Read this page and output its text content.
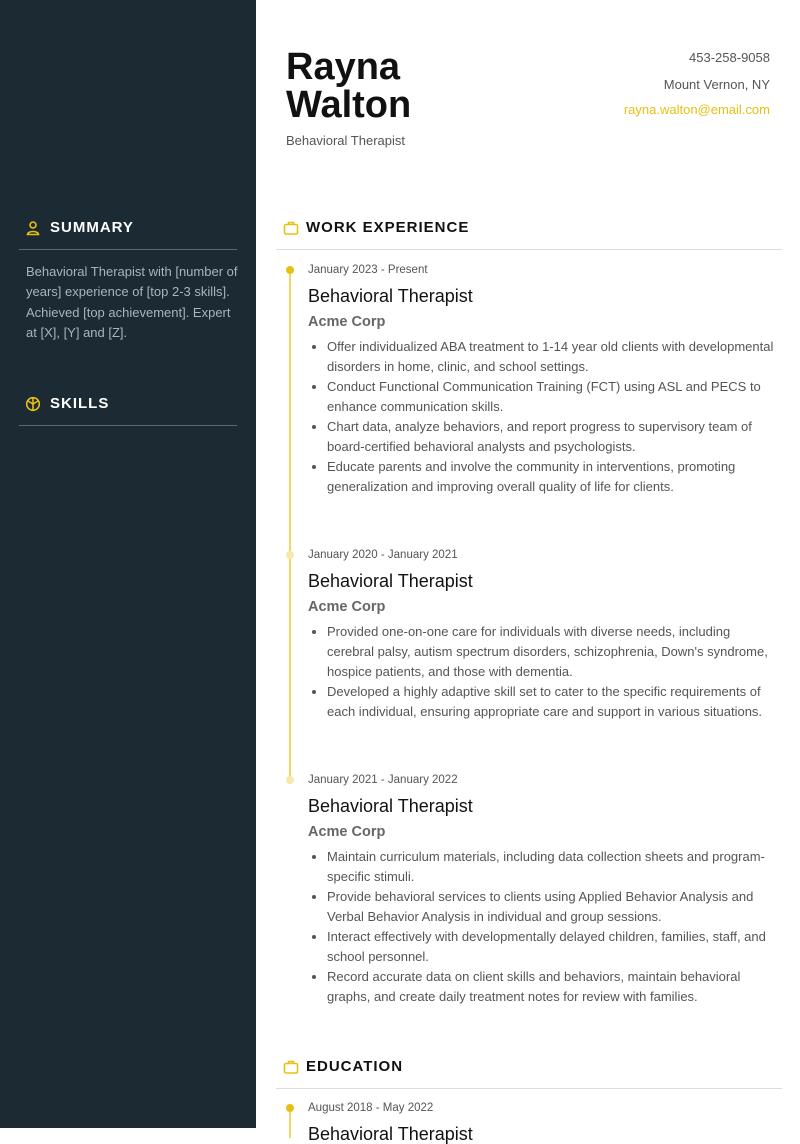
SUMMARY
Behavioral Therapist with [number of years] experience of [top 2-3 skills]. Achieved [top achievement]. Expert at [X], [Y] and [Z].
SKILLS
Rayna
Walton
Behavioral Therapist
453-258-9058
Mount Vernon, NY
rayna.walton@email.com
WORK EXPERIENCE
January 2023 - Present
Behavioral Therapist
Acme Corp
• Offer individualized ABA treatment to 1-14 year old clients with developmental disorders in home, clinic, and school settings.
• Conduct Functional Communication Training (FCT) using ASL and PECS to enhance communication skills.
• Chart data, analyze behaviors, and report progress to supervisory team of board-certified behavioral analysts and psychologists.
• Educate parents and involve the community in interventions, promoting generalization and improving overall quality of life for clients.
January 2020 - January 2021
Behavioral Therapist
Acme Corp
• Provided one-on-one care for individuals with diverse needs, including cerebral palsy, autism spectrum disorders, schizophrenia, Down's syndrome, hospice patients, and those with dementia.
• Developed a highly adaptive skill set to cater to the specific requirements of each individual, ensuring appropriate care and support in various situations.
January 2021 - January 2022
Behavioral Therapist
Acme Corp
• Maintain curriculum materials, including data collection sheets and program-specific stimuli.
• Provide behavioral services to clients using Applied Behavior Analysis and Verbal Behavior Analysis in individual and group sessions.
• Interact effectively with developmentally delayed children, families, staff, and school personnel.
• Record accurate data on client skills and behaviors, maintain behavioral graphs, and create daily treatment notes for review with families.
EDUCATION
August 2018 - May 2022
Behavioral Therapist
